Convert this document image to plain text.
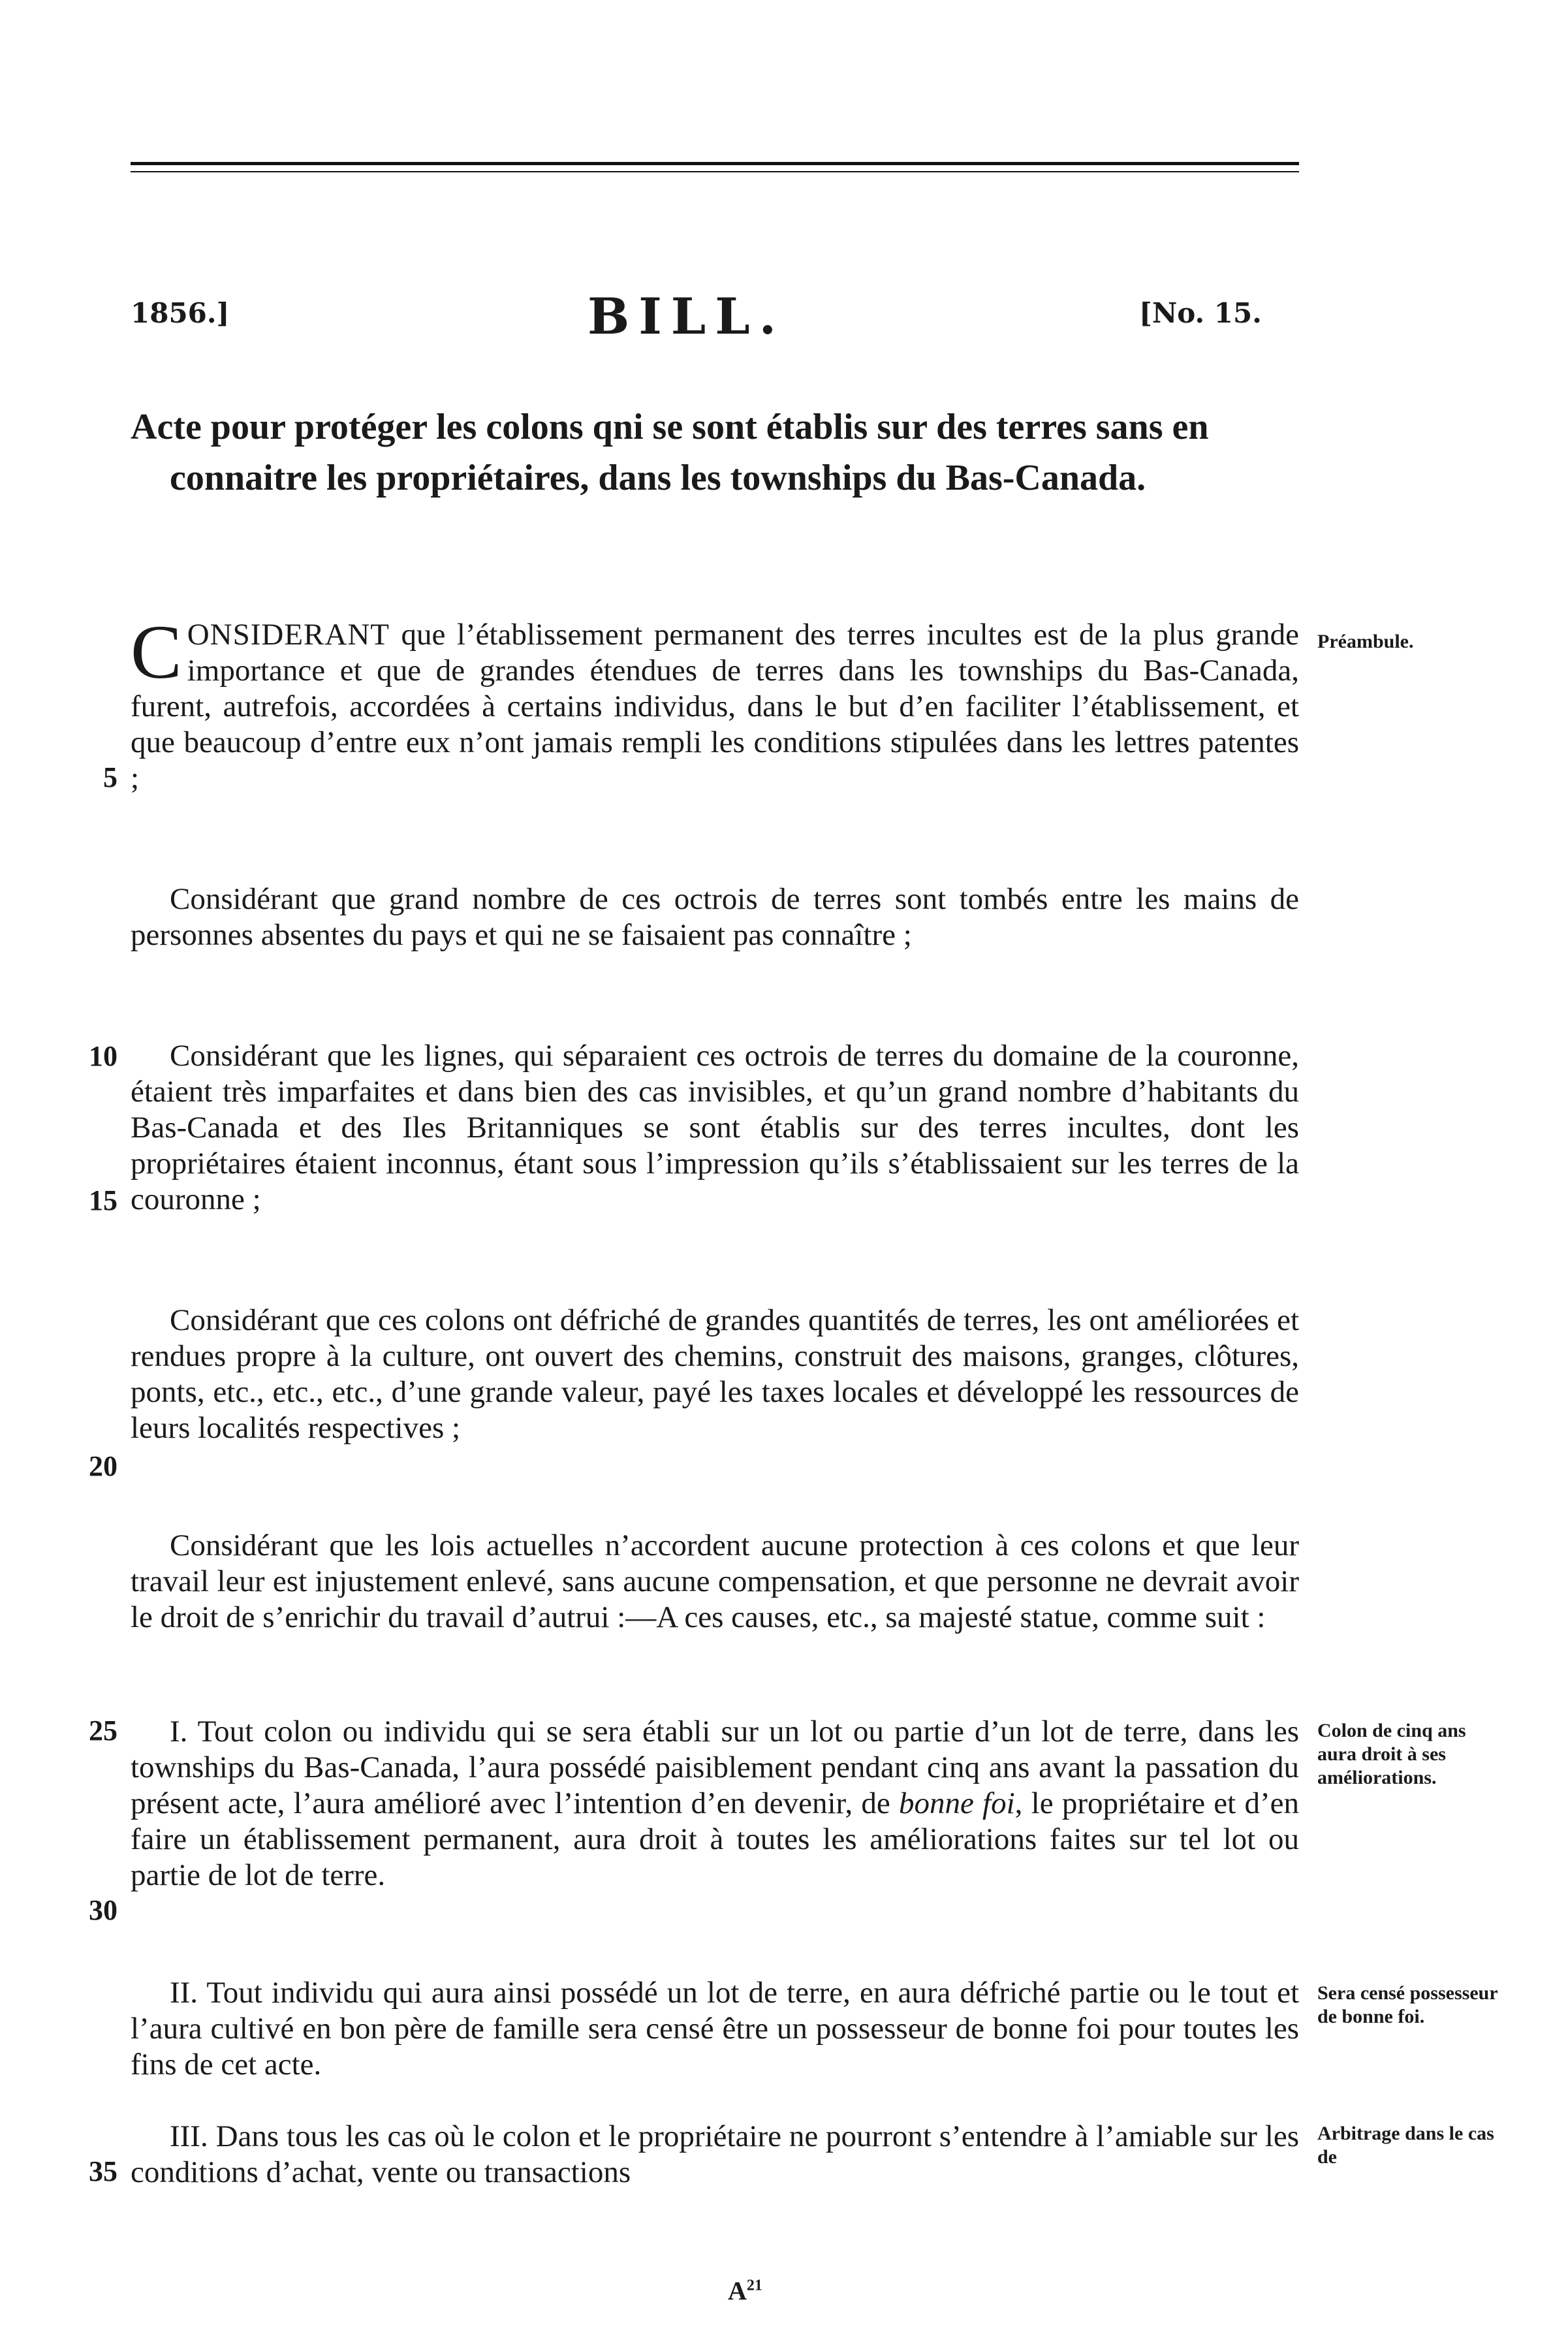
1856.]	BILL.	[No. 15.

Acte pour protéger les colons qni se sont établis sur des terres sans en connaitre les propriétaires, dans les townships du Bas-Canada.

CONSIDERANT que l’établissement permanent des terres incultes est de la plus grande importance et que de grandes étendues de terres dans les townships du Bas-Canada, furent, autrefois, accordées à certains individus, dans le but d’en faciliter l’établissement, et que beaucoup d’entre eux n’ont jamais rempli les conditions stipulées dans les lettres patentes ;

Considérant que grand nombre de ces octrois de terres sont tombés entre les mains de personnes absentes du pays et qui ne se faisaient pas connaître ;

Considérant que les lignes, qui séparaient ces octrois de terres du domaine de la couronne, étaient très imparfaites et dans bien des cas invisibles, et qu’un grand nombre d’habitants du Bas-Canada et des Iles Britanniques se sont établis sur des terres incultes, dont les propriétaires étaient inconnus, étant sous l’impression qu’ils s’établissaient sur les terres de la couronne ;

Considérant que ces colons ont défriché de grandes quantités de terres, les ont améliorées et rendues propre à la culture, ont ouvert des chemins, construit des maisons, granges, clôtures, ponts, etc., etc., etc., d’une grande valeur, payé les taxes locales et développé les ressources de leurs localités respectives ;

Considérant que les lois actuelles n’accordent aucune protection à ces colons et que leur travail leur est injustement enlevé, sans aucune compensation, et que personne ne devrait avoir le droit de s’enrichir du travail d’autrui :—A ces causes, etc., sa majesté statue, comme suit :

I. Tout colon ou individu qui se sera établi sur un lot ou partie d’un lot de terre, dans les townships du Bas-Canada, l’aura possédé paisiblement pendant cinq ans avant la passation du présent acte, l’aura amélioré avec l’intention d’en devenir, de bonne foi, le propriétaire et d’en faire un établissement permanent, aura droit à toutes les améliorations faites sur tel lot ou partie de lot de terre.

II. Tout individu qui aura ainsi possédé un lot de terre, en aura défriché partie ou le tout et l’aura cultivé en bon père de famille sera censé être un possesseur de bonne foi pour toutes les fins de cet acte.

III. Dans tous les cas où le colon et le propriétaire ne pourront s’entendre à l’amiable sur les conditions d’achat, vente ou transactions

5
10
15
20
25
30
35
Préambule.
Colon de cinq ans aura droit à ses améliorations.
Sera censé possesseur de bonne foi.
Arbitrage dans le cas de
$A^{21}$
